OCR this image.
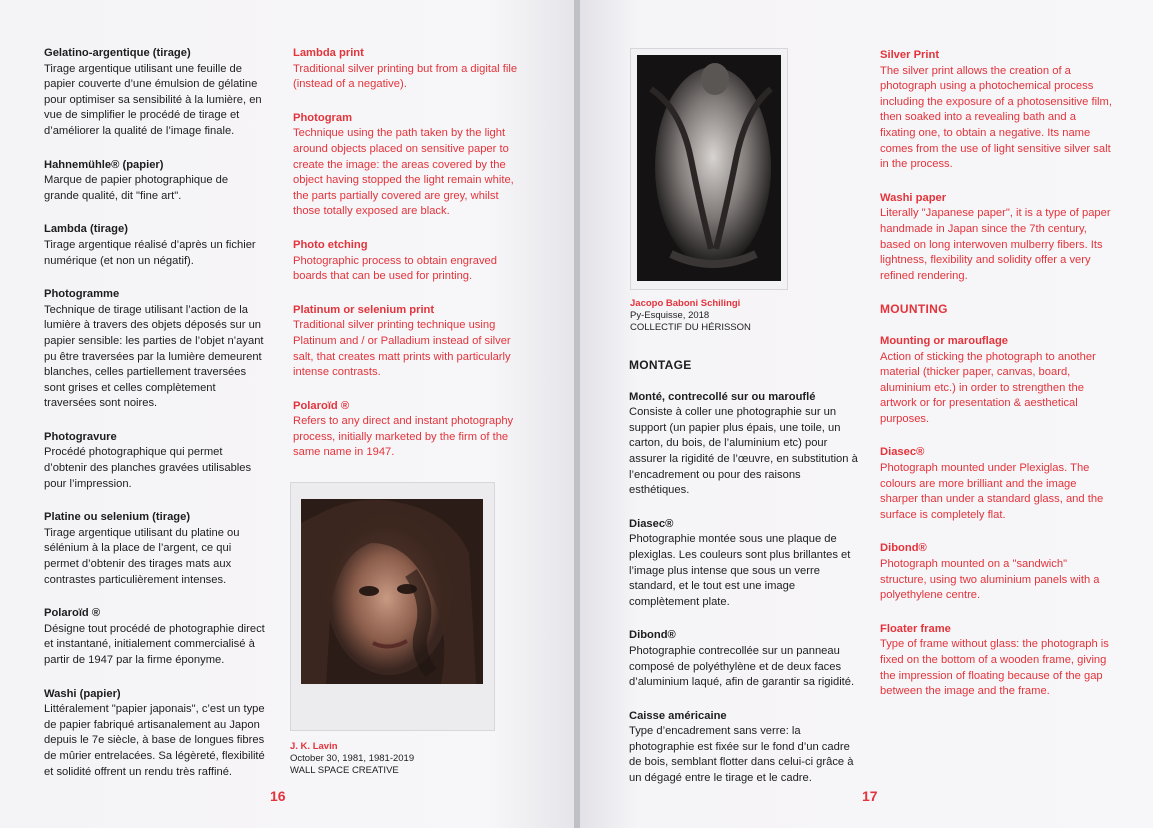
Gelatino-argentique (tirage)
Tirage argentique utilisant une feuille de papier couverte d’une émulsion de gélatine pour optimiser sa sensibilité à la lumière, en vue de simplifier le procédé de tirage et d’améliorer la qualité de l’image finale.
Hahnemühle® (papier)
Marque de papier photographique de grande qualité, dit "fine art".
Lambda (tirage)
Tirage argentique réalisé d’après un fichier numérique (et non un négatif).
Photogramme
Technique de tirage utilisant l’action de la lumière à travers des objets déposés sur un papier sensible: les parties de l’objet n’ayant pu être traversées par la lumière demeurent blanches, celles partiellement traversées sont grises et celles complètement traversées sont noires.
Photogravure
Procédé photographique qui permet d’obtenir des planches gravées utilisables pour l’impression.
Platine ou selenium (tirage)
Tirage argentique utilisant du platine ou sélénium à la place de l’argent, ce qui permet d’obtenir des tirages mats aux contrastes particulièrement intenses.
Polaroïd ®
Désigne tout procédé de photographie direct et instantané, initialement commercialisé à partir de 1947 par la firme éponyme.
Washi (papier)
Littéralement "papier japonais", c’est un type de papier fabriqué artisanalement au Japon depuis le 7e siècle, à base de longues fibres de mûrier entrelacées. Sa légèreté, flexibilité et solidité offrent un rendu très raffiné.
Lambda print
Traditional silver printing but from a digital file (instead of a negative).
Photogram
Technique using the path taken by the light around objects placed on sensitive paper to create the image: the areas covered by the object having stopped the light remain white, the parts partially covered are grey, whilst those totally exposed are black.
Photo etching
Photographic process to obtain engraved boards that can be used for printing.
Platinum or selenium print
Traditional silver printing technique using Platinum and / or Palladium instead of silver salt, that creates matt prints with particularly intense contrasts.
Polaroïd ®
Refers to any direct and instant photography process, initially marketed by the firm of the same name in 1947.
J. K. Lavin
October 30, 1981, 1981-2019
WALL SPACE CREATIVE
16
Jacopo Baboni Schilingi
Py-Esquisse, 2018
COLLECTIF DU HÉRISSON
MONTAGE
Monté, contrecollé sur ou marouflé
Consiste à coller une photographie sur un support (un papier plus épais, une toile, un carton, du bois, de l’aluminium etc) pour assurer la rigidité de l’œuvre, en substitution à l’encadrement ou pour des raisons esthétiques.
Diasec®
Photographie montée sous une plaque de plexiglas. Les couleurs sont plus brillantes et l’image plus intense que sous un verre standard, et le tout est une image complètement plate.
Dibond®
Photographie contrecollée sur un panneau composé de polyéthylène et de deux faces d’aluminium laqué, afin de garantir sa rigidité.
Caisse américaine
Type d’encadrement sans verre: la photographie est fixée sur le fond d’un cadre de bois, semblant flotter dans celui-ci grâce à un dégagé entre le tirage et le cadre.
Silver Print
The silver print allows the creation of a photograph using a photochemical process including the exposure of a photosensitive film, then soaked into a revealing bath and a fixating one, to obtain a negative. Its name comes from the use of light sensitive silver salt in the process.
Washi paper
Literally "Japanese paper", it is a type of paper handmade in Japan since the 7th century, based on long interwoven mulberry fibers. Its lightness, flexibility and solidity offer a very refined rendering.
MOUNTING
Mounting or marouflage
Action of sticking the photograph to another material (thicker paper, canvas, board, aluminium etc.) in order to strengthen the artwork or for presentation & aesthetical purposes.
Diasec®
Photograph mounted under Plexiglas. The colours are more brilliant and the image sharper than under a standard glass, and the surface is completely flat.
Dibond®
Photograph mounted on a "sandwich" structure, using two aluminium panels with a polyethylene centre.
Floater frame
Type of frame without glass: the photograph is fixed on the bottom of a wooden frame, giving the impression of floating because of the gap between the image and the frame.
17
